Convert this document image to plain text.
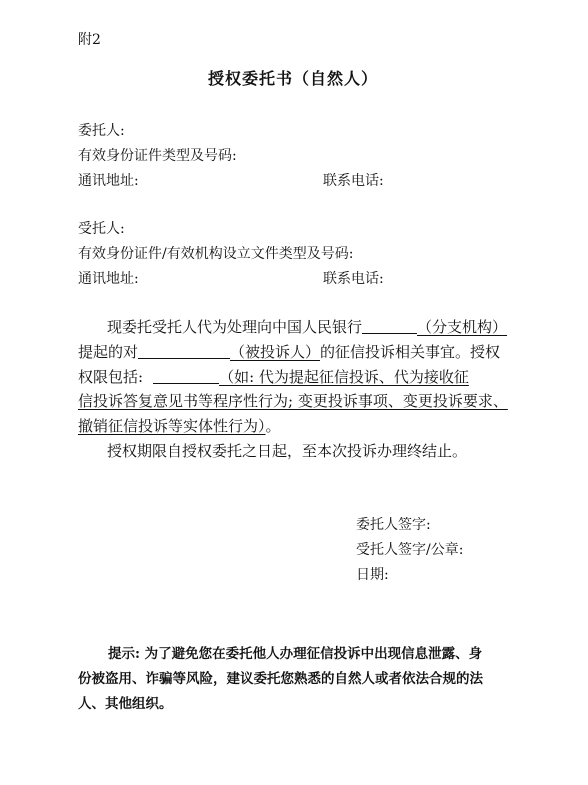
附2
授权委托书（自然人）
委托人:
有效身份证件类型及号码:
通讯地址:	联系电话:
受托人:
有效身份证件/有效机构设立文件类型及号码:
通讯地址:	联系电话:
现委托受托人代为处理向中国人民银行	（分支机构）
提起的对	（被投诉人）的征信投诉相关事宜。授权
权限包括:	（如: 代为提起征信投诉、代为接收征
信投诉答复意见书等程序性行为; 变更投诉事项、变更投诉要求、
撤销征信投诉等实体性行为）。
授权期限自授权委托之日起，至本次投诉办理终结止。
委托人签字:
受托人签字/公章:
日期:
提示: 为了避免您在委托他人办理征信投诉中出现信息泄露、身
份被盗用、诈骗等风险，建议委托您熟悉的自然人或者依法合规的法
人、其他组织。
